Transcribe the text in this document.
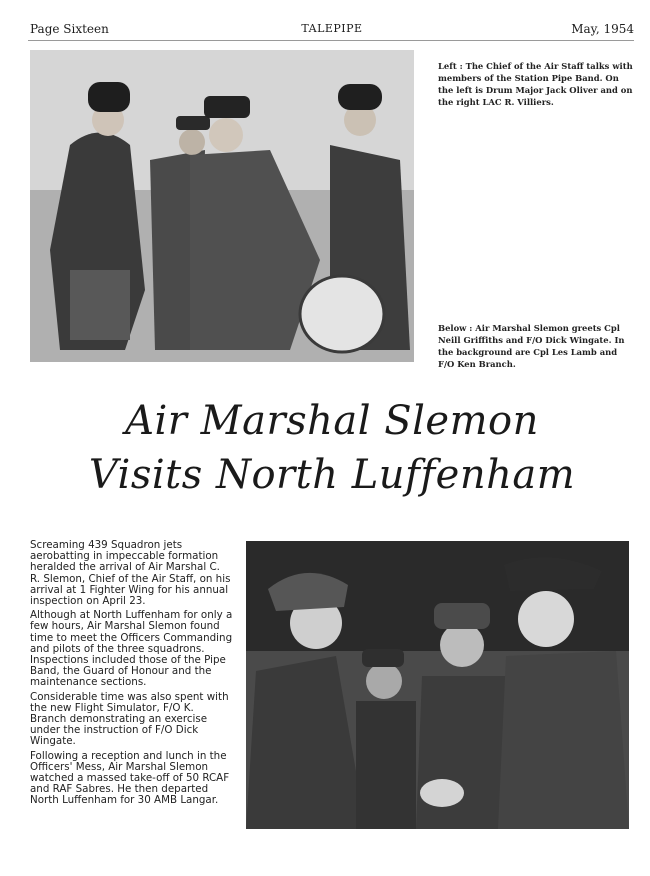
Page Sixteen	TALEPIPE	May, 1954
Left : The Chief of the Air Staff talks with members of the Station Pipe Band. On the left is Drum Major Jack Oliver and on the right LAC R. Villiers.
Below : Air Marshal Slemon greets Cpl Neill Griffiths and F/O Dick Wingate. In the background are Cpl Les Lamb and F/O Ken Branch.
Air Marshal Slemon
Visits North Luffenham

Screaming 439 Squadron jets aerobatting in impeccable formation heralded the arrival of Air Marshal C. R. Slemon, Chief of the Air Staff, on his arrival at 1 Fighter Wing for his annual inspection on April 23.

Although at North Luffenham for only a few hours, Air Marshal Slemon found time to meet the Officers Commanding and pilots of the three squadrons. Inspections included those of the Pipe Band, the Guard of Honour and the maintenance sections.

Considerable time was also spent with the new Flight Simulator, F/O K. Branch demonstrating an exercise under the instruction of F/O Dick Wingate.

Following a reception and lunch in the Officers' Mess, Air Marshal Slemon watched a massed take-off of 50 RCAF and RAF Sabres. He then departed North Luffenham for 30 AMB Langar.
